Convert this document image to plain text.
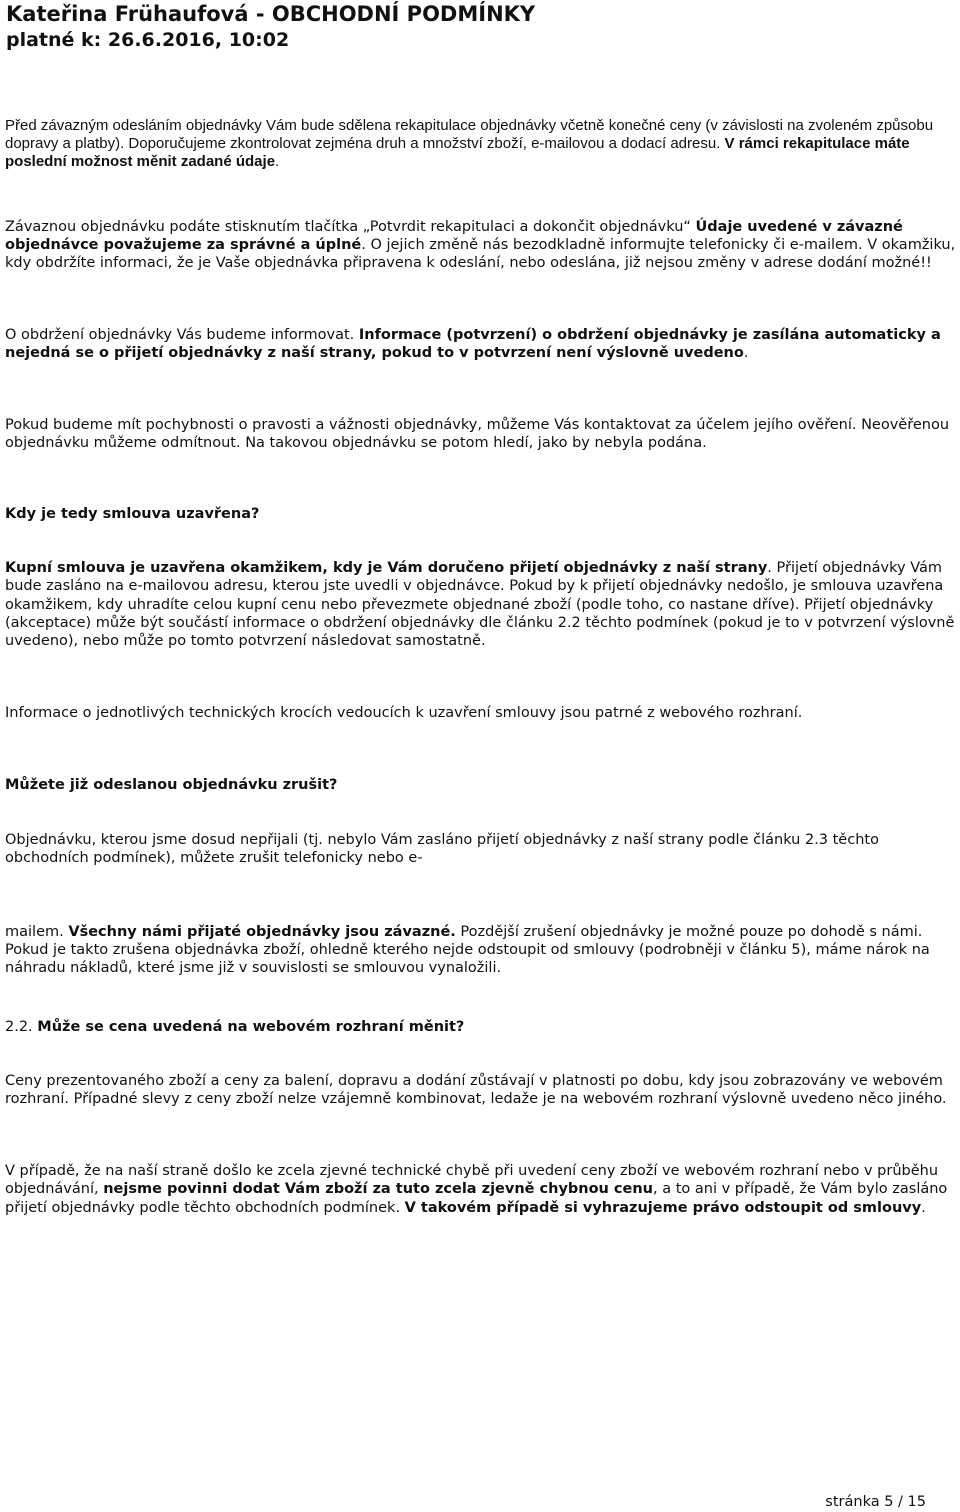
Kateřina Frühaufová - OBCHODNÍ PODMÍNKY

platné k: 26.6.2016, 10:02

Před závazným odesláním objednávky Vám bude sdělena rekapitulace objednávky včetně konečné ceny (v závislosti na zvoleném způsobu dopravy a platby). Doporučujeme zkontrolovat zejména druh a množství zboží, e-mailovou a dodací adresu. V rámci rekapitulace máte poslední možnost měnit zadané údaje.

Závaznou objednávku podáte stisknutím tlačítka „Potvrdit rekapitulaci a dokončit objednávku“ Údaje uvedené v závazné objednávce považujeme za správné a úplné. O jejich změně nás bezodkladně informujte telefonicky či e-mailem. V okamžiku, kdy obdržíte informaci, že je Vaše objednávka připravena k odeslání, nebo odeslána, již nejsou změny v adrese dodání možné!!

O obdržení objednávky Vás budeme informovat. Informace (potvrzení) o obdržení objednávky je zasílána automaticky a nejedná se o přijetí objednávky z naší strany, pokud to v potvrzení není výslovně uvedeno.

Pokud budeme mít pochybnosti o pravosti a vážnosti objednávky, můžeme Vás kontaktovat za účelem jejího ověření. Neověřenou objednávku můžeme odmítnout. Na takovou objednávku se potom hledí, jako by nebyla podána.

Kdy je tedy smlouva uzavřena?

Kupní smlouva je uzavřena okamžikem, kdy je Vám doručeno přijetí objednávky z naší strany. Přijetí objednávky Vám bude zasláno na e-mailovou adresu, kterou jste uvedli v objednávce. Pokud by k přijetí objednávky nedošlo, je smlouva uzavřena okamžikem, kdy uhradíte celou kupní cenu nebo převezmete objednané zboží (podle toho, co nastane dříve). Přijetí objednávky (akceptace) může být součástí informace o obdržení objednávky dle článku 2.2 těchto podmínek (pokud je to v potvrzení výslovně uvedeno), nebo může po tomto potvrzení následovat samostatně.

Informace o jednotlivých technických krocích vedoucích k uzavření smlouvy jsou patrné z webového rozhraní.

Můžete již odeslanou objednávku zrušit?

Objednávku, kterou jsme dosud nepřijali (tj. nebylo Vám zasláno přijetí objednávky z naší strany podle článku 2.3 těchto obchodních podmínek), můžete zrušit telefonicky nebo e-

mailem. Všechny námi přijaté objednávky jsou závazné. Pozdější zrušení objednávky je možné pouze po dohodě s námi. Pokud je takto zrušena objednávka zboží, ohledně kterého nejde odstoupit od smlouvy (podrobněji v článku 5), máme nárok na náhradu nákladů, které jsme již v souvislosti se smlouvou vynaložili.

2.2. Může se cena uvedená na webovém rozhraní měnit?

Ceny prezentovaného zboží a ceny za balení, dopravu a dodání zůstávají v platnosti po dobu, kdy jsou zobrazovány ve webovém rozhraní. Případné slevy z ceny zboží nelze vzájemně kombinovat, ledaže je na webovém rozhraní výslovně uvedeno něco jiného.

V případě, že na naší straně došlo ke zcela zjevné technické chybě při uvedení ceny zboží ve webovém rozhraní nebo v průběhu objednávání, nejsme povinni dodat Vám zboží za tuto zcela zjevně chybnou cenu, a to ani v případě, že Vám bylo zasláno přijetí objednávky podle těchto obchodních podmínek. V takovém případě si vyhrazujeme právo odstoupit od smlouvy.

stránka 5 / 15
